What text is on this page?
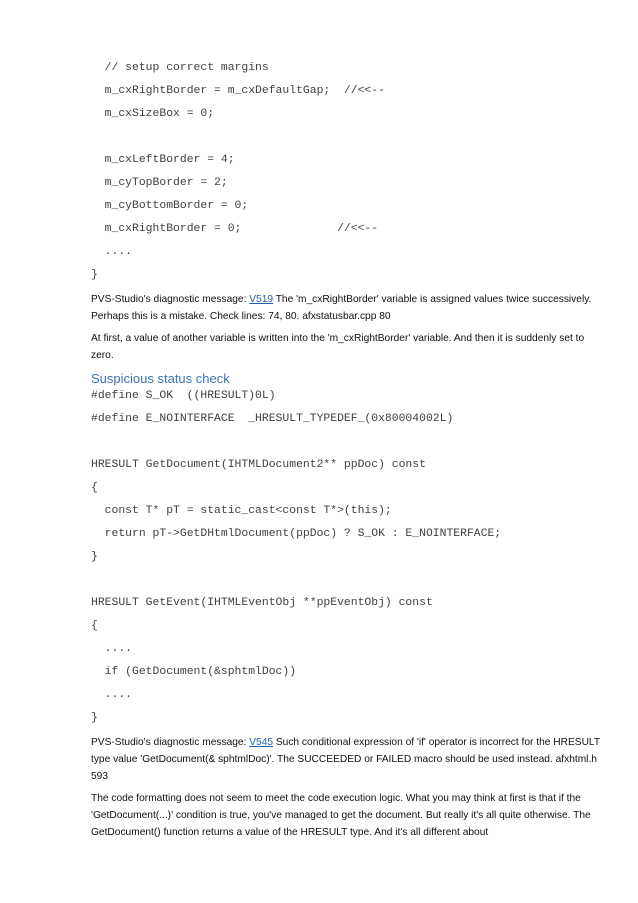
// setup correct margins
m_cxRightBorder = m_cxDefaultGap;  //<<--
m_cxSizeBox = 0;
m_cxLeftBorder = 4;
m_cyTopBorder = 2;
m_cyBottomBorder = 0;
m_cxRightBorder = 0;              //<<--
....
}
PVS-Studio's diagnostic message: V519 The 'm_cxRightBorder' variable is assigned values twice successively. Perhaps this is a mistake. Check lines: 74, 80. afxstatusbar.cpp 80
At first, a value of another variable is written into the 'm_cxRightBorder' variable. And then it is suddenly set to zero.
Suspicious status check
#define S_OK  ((HRESULT)0L)
#define E_NOINTERFACE  _HRESULT_TYPEDEF_(0x80004002L)
HRESULT GetDocument(IHTMLDocument2** ppDoc) const
{
const T* pT = static_cast<const T*>(this);
return pT->GetDHtmlDocument(ppDoc) ? S_OK : E_NOINTERFACE;
}
HRESULT GetEvent(IHTMLEventObj **ppEventObj) const
{
....
if (GetDocument(&sphtmlDoc))
....
}
PVS-Studio's diagnostic message: V545 Such conditional expression of 'if' operator is incorrect for the HRESULT type value 'GetDocument(& sphtmlDoc)'. The SUCCEEDED or FAILED macro should be used instead. afxhtml.h 593
The code formatting does not seem to meet the code execution logic. What you may think at first is that if the 'GetDocument(...)' condition is true, you've managed to get the document. But really it's all quite otherwise. The GetDocument() function returns a value of the HRESULT type. And it's all different about
